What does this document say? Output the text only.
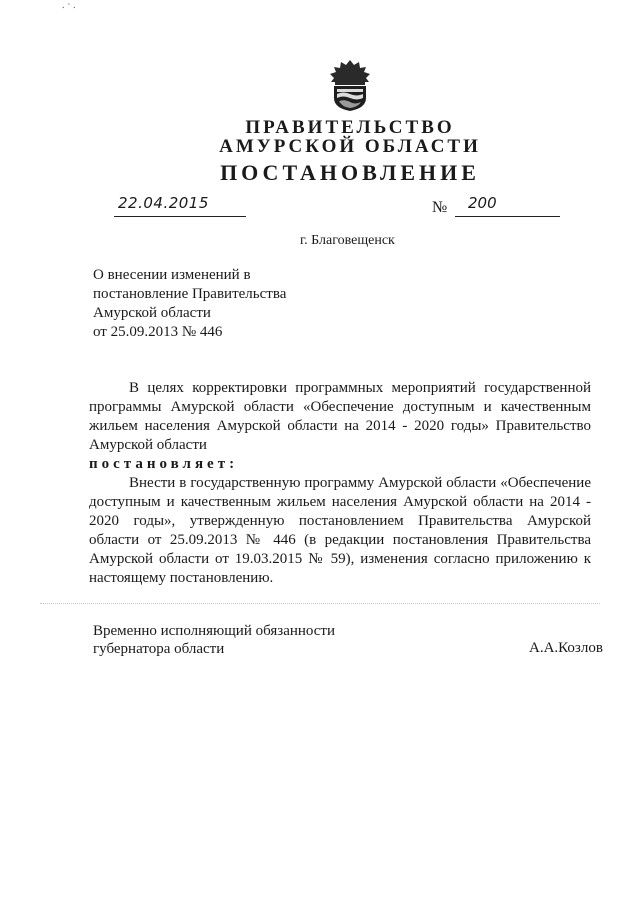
⸱ ˋ ⸱
ПРАВИТЕЛЬСТВО
АМУРСКОЙ ОБЛАСТИ
ПОСТАНОВЛЕНИЕ
22.04.2015	№ 200
г. Благовещенск
О внесении изменений в
постановление Правительства
Амурской области
от 25.09.2013 № 446

В целях корректировки программных мероприятий государственной программы Амурской области «Обеспечение доступным и качественным жильем населения Амурской области на 2014 - 2020 годы» Правительство Амурской области

постановляет:

Внести в государственную программу Амурской области «Обеспечение доступным и качественным жильем населения Амурской области на 2014 - 2020 годы», утвержденную постановлением Правительства Амурской области от 25.09.2013 № 446 (в редакции постановления Правительства Амурской области от 19.03.2015 № 59), изменения согласно приложению к настоящему постановлению.

Временно исполняющий обязанности
губернатора области	А.А.Козлов
